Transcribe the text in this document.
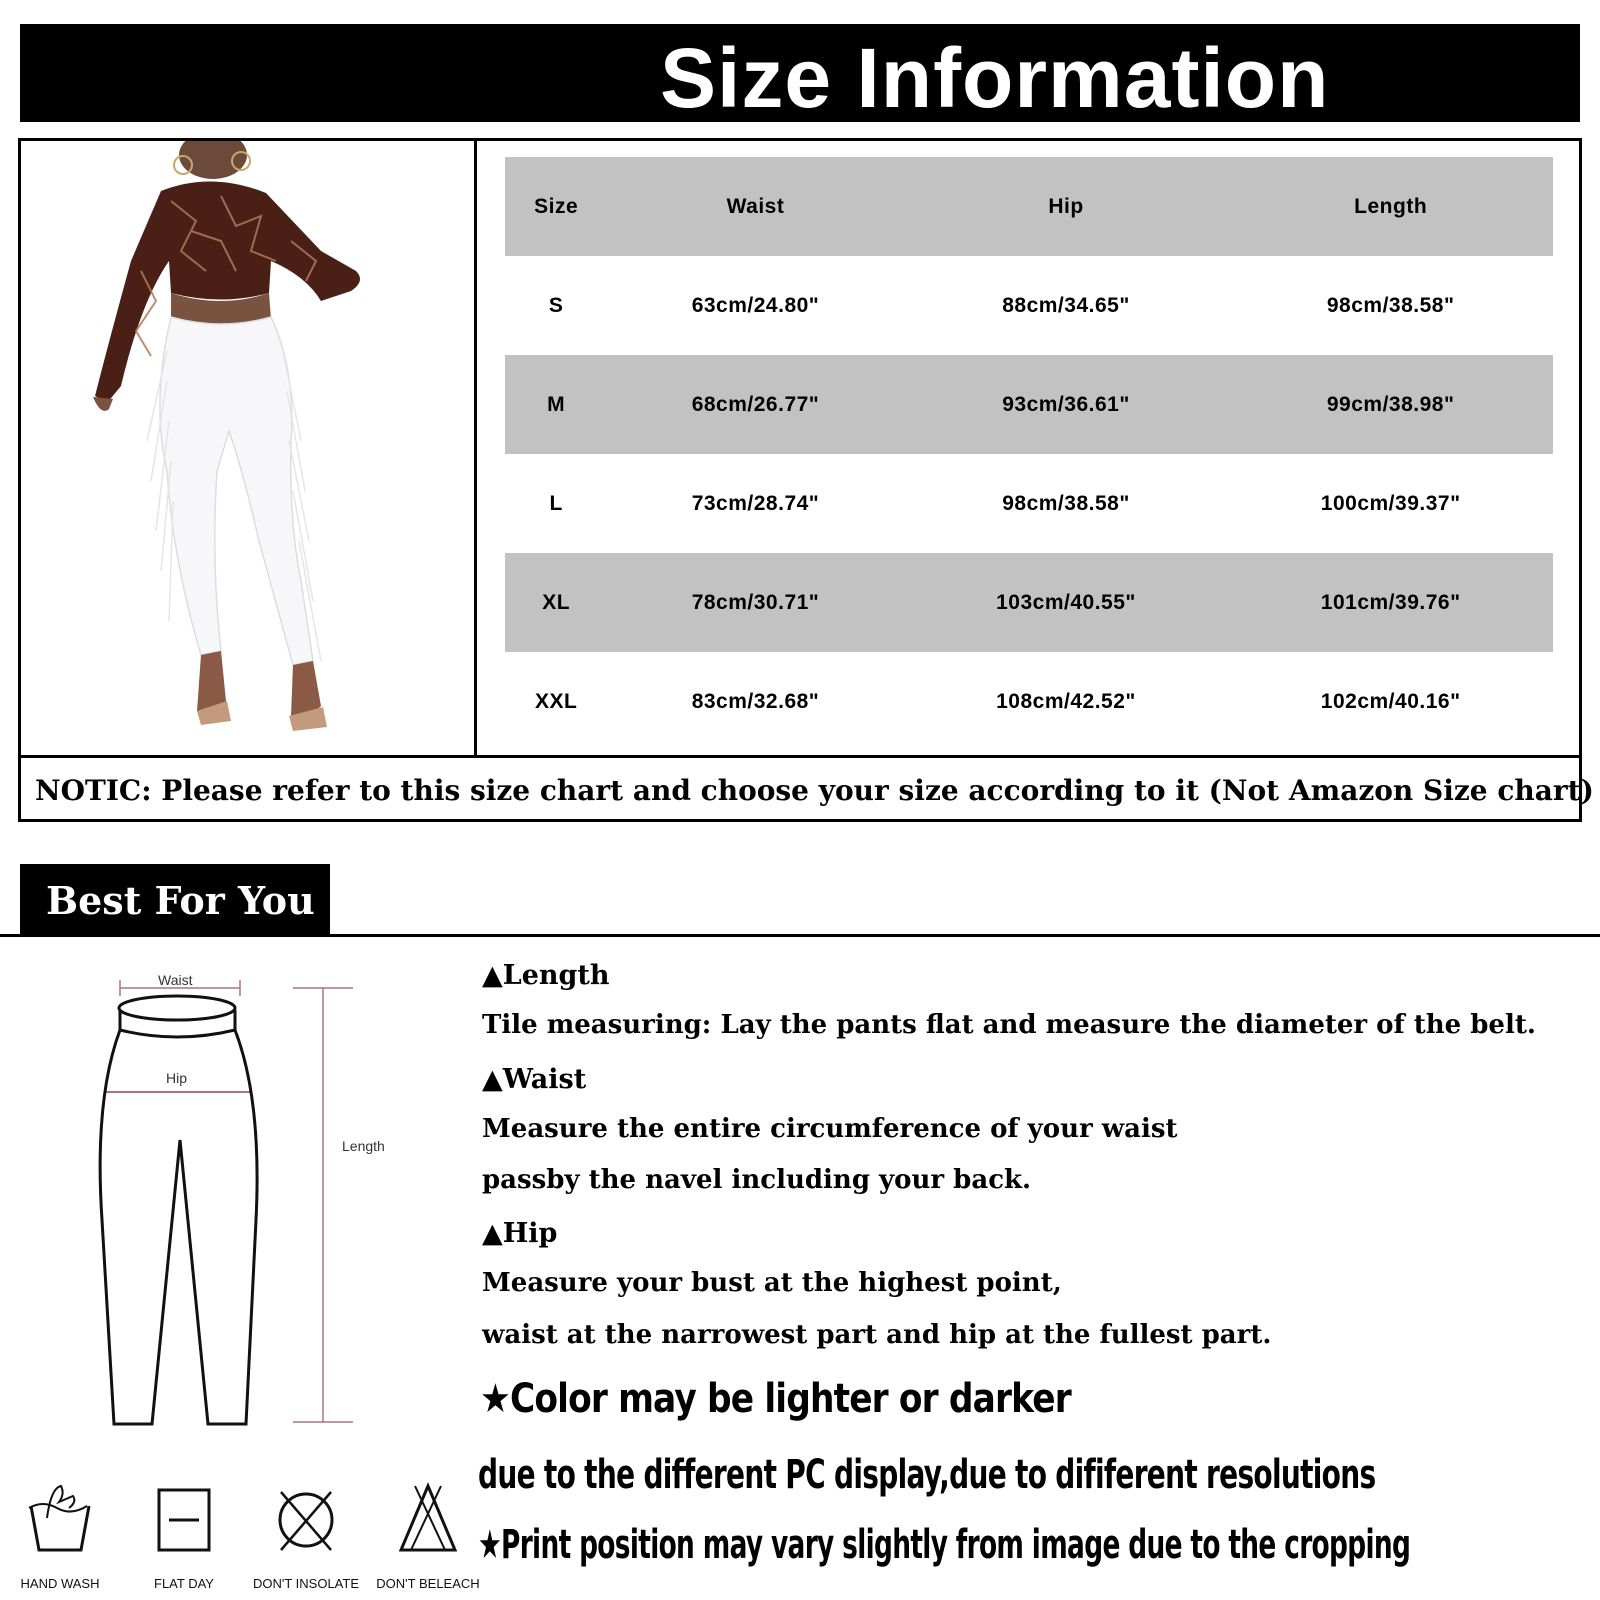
Size Information
Size	Waist	Hip	Length
S	63cm/24.80"	88cm/34.65"	98cm/38.58"
M	68cm/26.77"	93cm/36.61"	99cm/38.98"
L	73cm/28.74"	98cm/38.58"	100cm/39.37"
XL	78cm/30.71"	103cm/40.55"	101cm/39.76"
XXL	83cm/32.68"	108cm/42.52"	102cm/40.16"
NOTIC: Please refer to this size chart and choose your size according to it (Not Amazon Size chart)
Best For You
Waist
Hip
Length
HAND WASH	FLAT DAY	DON'T INSOLATE	DON'T BELEACH
▲Length
Tile measuring: Lay the pants flat and measure the diameter of the belt.
▲Waist
Measure the entire circumference of your waist
passby the navel including your back.
▲Hip
Measure your bust at the highest point,
waist at the narrowest part and hip at the fullest part.
★Color may be lighter or darker
due to the different PC display,due to dififerent resolutions
★Print position may vary slightly from image due to the cropping
